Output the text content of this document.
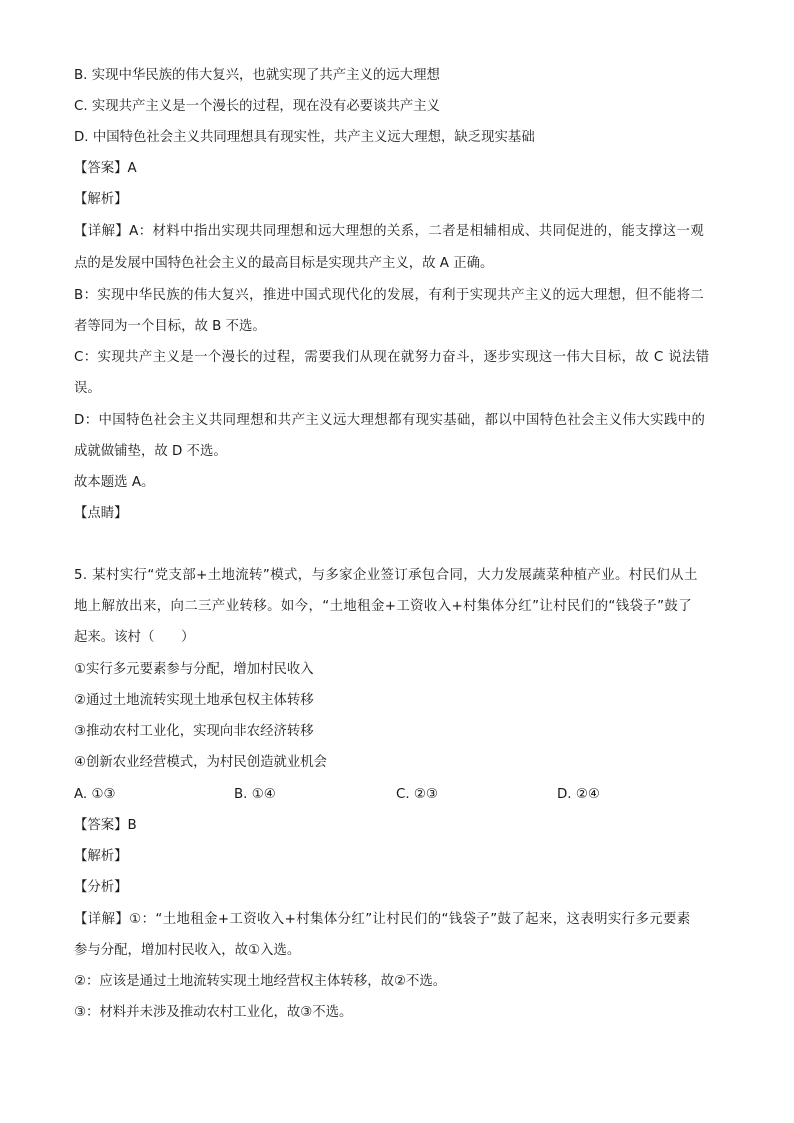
B. 实现中华民族的伟大复兴，也就实现了共产主义的远大理想
C. 实现共产主义是一个漫长的过程，现在没有必要谈共产主义
D. 中国特色社会主义共同理想具有现实性，共产主义远大理想，缺乏现实基础
【答案】A
【解析】
【详解】A：材料中指出实现共同理想和远大理想的关系，二者是相辅相成、共同促进的，能支撑这一观
点的是发展中国特色社会主义的最高目标是实现共产主义，故 A 正确。
B：实现中华民族的伟大复兴，推进中国式现代化的发展，有利于实现共产主义的远大理想，但不能将二
者等同为一个目标，故 B 不选。
C：实现共产主义是一个漫长的过程，需要我们从现在就努力奋斗，逐步实现这一伟大目标，故 C 说法错
误。
D：中国特色社会主义共同理想和共产主义远大理想都有现实基础，都以中国特色社会主义伟大实践中的
成就做铺垫，故 D 不选。
故本题选 A。
【点睛】
5. 某村实行“党支部+土地流转”模式，与多家企业签订承包合同，大力发展蔬菜种植产业。村民们从土
地上解放出来，向二三产业转移。如今，“土地租金+工资收入+村集体分红”让村民们的“钱袋子”鼓了
起来。该村（　　）
①实行多元要素参与分配，增加村民收入
②通过土地流转实现土地承包权主体转移
③推动农村工业化，实现向非农经济转移
④创新农业经营模式，为村民创造就业机会
A. ①③	B. ①④	C. ②③	D. ②④
【答案】B
【解析】
【分析】
【详解】①：“土地租金+工资收入+村集体分红”让村民们的“钱袋子”鼓了起来，这表明实行多元要素
参与分配，增加村民收入，故①入选。
②：应该是通过土地流转实现土地经营权主体转移，故②不选。
③：材料并未涉及推动农村工业化，故③不选。
